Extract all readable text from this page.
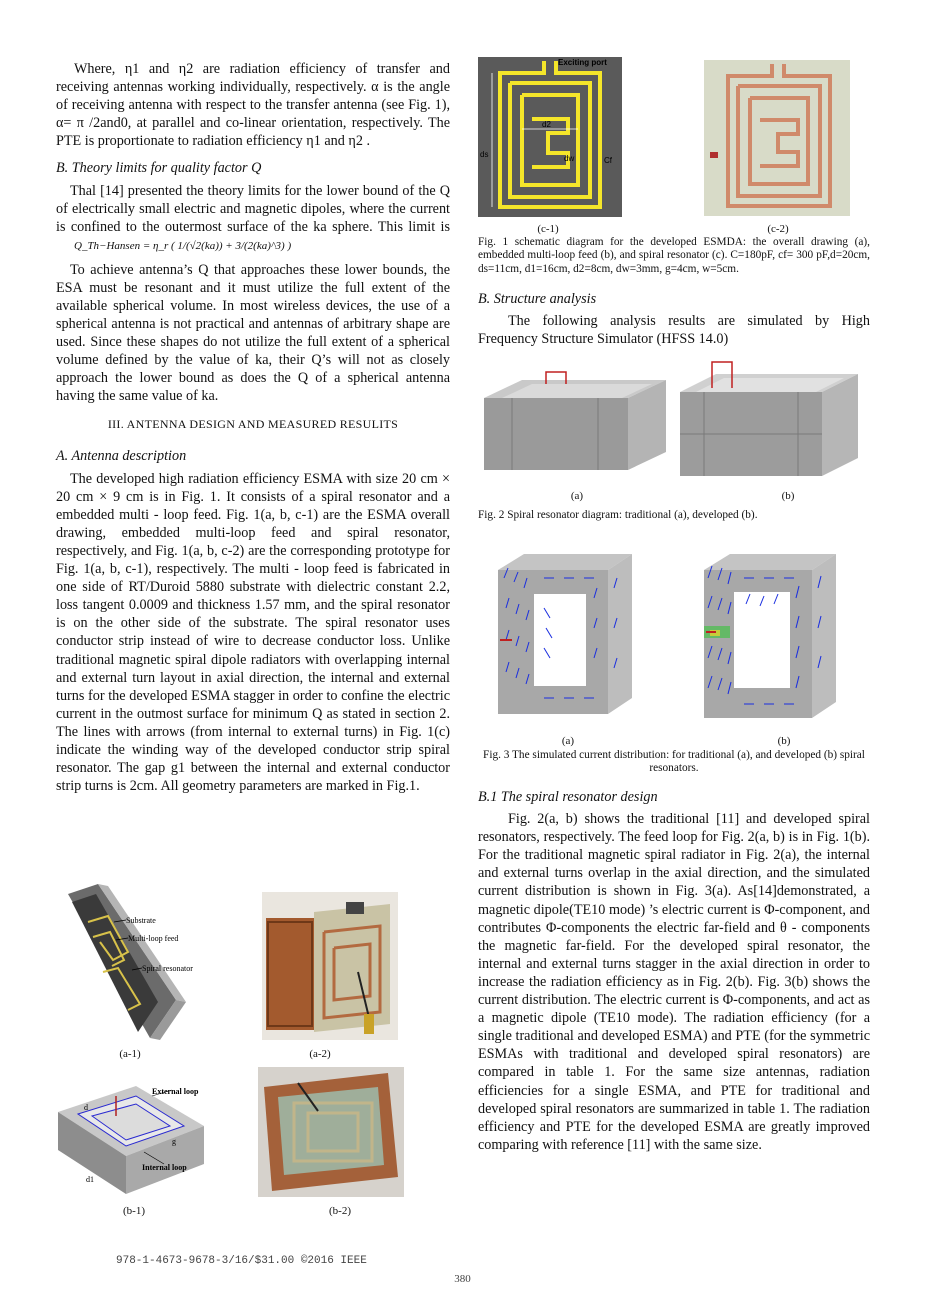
Where, η1 and η2 are radiation efficiency of transfer and receiving antennas working individually, respectively. α is the angle of receiving antenna with respect to the transfer antenna (see Fig. 1), α= π /2and0, at parallel and co-linear orientation, respectively. The PTE is proportionate to radiation efficiency η1 and η2 .

B. Theory limits for quality factor Q

Thal [14] presented the theory limits for the lower bound of the Q of electrically small electric and magnetic dipoles, where the current is confined to the outermost surface of the ka sphere. This limit isQ_Th−Hansen = η_r ( 1/(√2(ka)) + 3/(2(ka)^3) )

To achieve antenna’s Q that approaches these lower bounds, the ESA must be resonant and it must utilize the full extent of the available spherical volume. In most wireless devices, the use of a spherical antenna is not practical and antennas of arbitrary shape are used. Since these shapes do not utilize the full extent of a spherical volume defined by the value of ka, their Q’s will not as closely approach the lower bound as does the Q of a spherical antenna having the same value of ka.

III. ANTENNA DESIGN AND MEASURED RESULITS
A. Antenna description

The developed high radiation efficiency ESMA with size 20 cm × 20 cm × 9 cm is in Fig. 1. It consists of a spiral resonator and a embedded multi - loop feed. Fig. 1(a, b, c-1) are the ESMA overall drawing, embedded multi-loop feed and spiral resonator, respectively, and Fig. 1(a, b, c-2) are the corresponding prototype for Fig. 1(a, b, c-1), respectively. The multi - loop feed is fabricated in one side of RT/Duroid 5880 substrate with dielectric constant 2.2, loss tangent 0.0009 and thickness 1.57 mm, and the spiral resonator is on the other side of the substrate. The spiral resonator uses conductor strip instead of wire to decrease conductor loss. Unlike traditional magnetic spiral dipole radiators with overlapping internal and external turn layout in axial direction, the internal and external turns for the developed ESMA stagger in order to confine the electric current in the outmost surface for minimum Q as stated in section 2. The lines with arrows (from internal to external turns) in Fig. 1(c) indicate the winding way of the developed conductor strip spiral resonator. The gap g1 between the internal and external conductor strip turns is 2cm. All geometry parameters are marked in Fig.1.

Substrate
Multi-loop feed
Spiral resonator
(a-1)	(a-2)
External loop
Internal loop
d
d1
g
(b-1)	(b-2)
Exciting port
d2
ds	dw	Cf
(c-1)	(c-2)
Fig. 1 schematic diagram for the developed ESMDA: the overall drawing (a), embedded multi-loop feed (b), and spiral resonator (c). C=180pF, cf= 300 pF,d=20cm, ds=11cm, d1=16cm, d2=8cm, dw=3mm, g=4cm, w=5cm.
B. Structure analysis

The following analysis results are simulated by High Frequency Structure Simulator (HFSS 14.0)

(a)	(b)
Fig. 2 Spiral resonator diagram: traditional (a), developed (b).
(a)	(b)
Fig. 3 The simulated current distribution: for traditional (a), and developed (b) spiral resonators.
B.1 The spiral resonator design

Fig. 2(a, b) shows the traditional [11] and developed spiral resonators, respectively. The feed loop for Fig. 2(a, b) is in Fig. 1(b). For the traditional magnetic spiral radiator in Fig. 2(a), the internal and external turns overlap in the axial direction, and the simulated current distribution is shown in Fig. 3(a). As[14]demonstrated, a magnetic dipole(TE10 mode) ’s electric current is Φ-component, and contributes Φ-components the electric far-field and θ - components the magnetic far-field. For the developed spiral resonator, the internal and external turns stagger in the axial direction in order to increase the radiation efficiency as in Fig. 2(b). Fig. 3(b) shows the current distribution. The electric current is Φ-components, and act as a magnetic dipole (TE10 mode). The radiation efficiency (for a single traditional and developed ESMA) and PTE (for the symmetric ESMAs with traditional and developed spiral resonators) are compared in table 1. For the same size antennas, radiation efficiencies for a single ESMA, and PTE for traditional and developed spiral resonators are summarized in table 1. The radiation efficiency and PTE for the developed ESMA are greatly improved comparing with reference [11] with the same size.

978-1-4673-9678-3/16/$31.00 ©2016 IEEE
380
